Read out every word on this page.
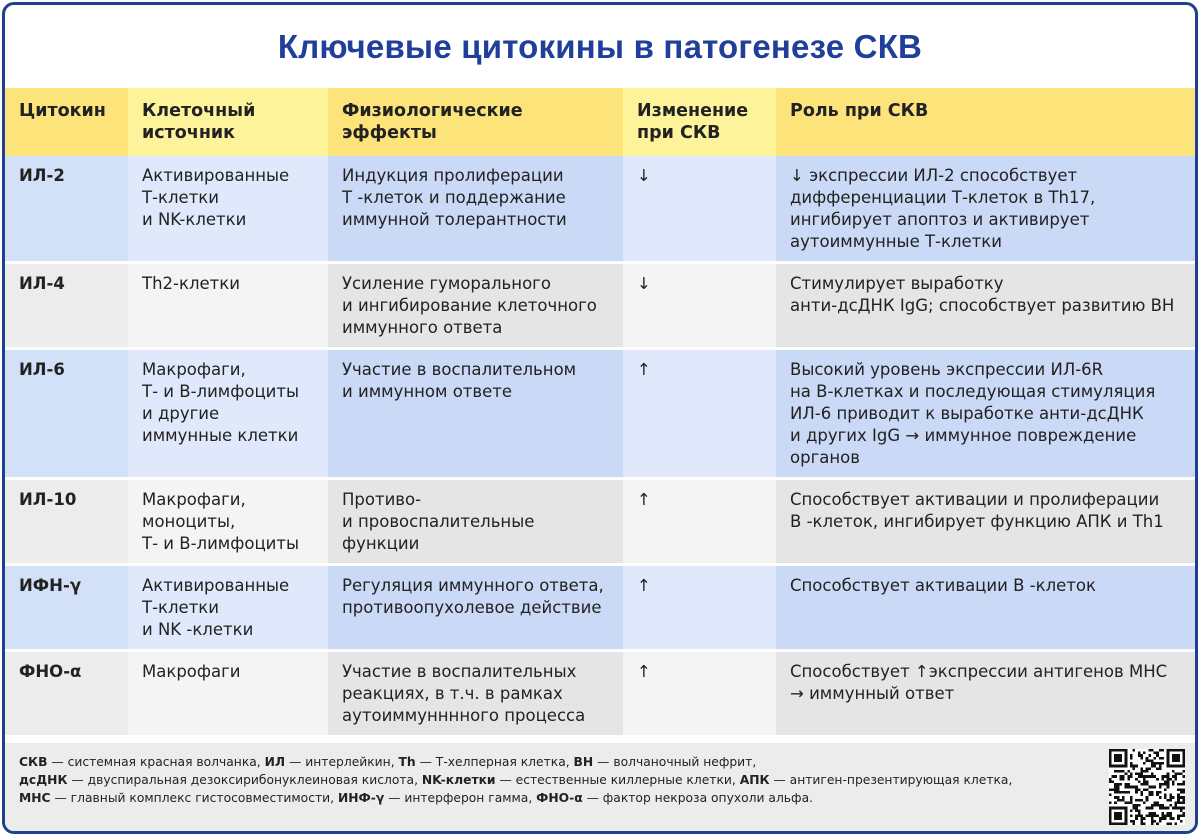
Ключевые цитокины в патогенезе СКВ
Цитокин	Клеточный источник	Физиологические эффекты	Изменение при СКВ	Роль при СКВ
ИЛ-2	Активированные
Т-клетки
и NK-клетки	Индукция пролиферации
Т -клеток и поддержание
иммунной толерантности	↓	↓ экспрессии ИЛ-2 способствует
дифференциации Т-клеток в Th17,
ингибирует апоптоз и активирует
аутоиммунные Т-клетки
ИЛ-4	Th2-клетки	Усиление гуморального
и ингибирование клеточного
иммунного ответа	↓	Стимулирует выработку
анти-дсДНК IgG; способствует развитию ВН
ИЛ-6	Макрофаги,
Т- и В-лимфоциты
и другие
иммунные клетки	Участие в воспалительном
и иммунном ответе	↑	Высокий уровень экспрессии ИЛ-6R
на В-клетках и последующая стимуляция
ИЛ-6 приводит к выработке анти-дсДНК
и других IgG → иммунное повреждение
органов
ИЛ-10	Макрофаги,
моноциты,
Т- и В-лимфоциты	Противо-
и провоспалительные
функции	↑	Способствует активации и пролиферации
В -клеток, ингибирует функцию АПК и Th1
ИФН-γ	Активированные
Т-клетки
и NK -клетки	Регуляция иммунного ответа,
противоопухолевое действие	↑	Способствует активации В -клеток
ФНО-α	Макрофаги	Участие в воспалительных
реакциях, в т.ч. в рамках
аутоиммунннного процесса	↑	Способствует ↑экспрессии антигенов MHC
→ иммунный ответ
СКВ — системная красная волчанка, ИЛ — интерлейкин, Th — Т-хелперная клетка, ВН — волчаночный нефрит,
дсДНК — двуспиральная дезоксирибонуклеиновая кислота, NK-клетки — естественные киллерные клетки, АПК — антиген-презентирующая клетка,
MHC — главный комплекс гистосовместимости, ИНФ-γ — интерферон гамма, ФНО-α — фактор некроза опухоли альфа.
